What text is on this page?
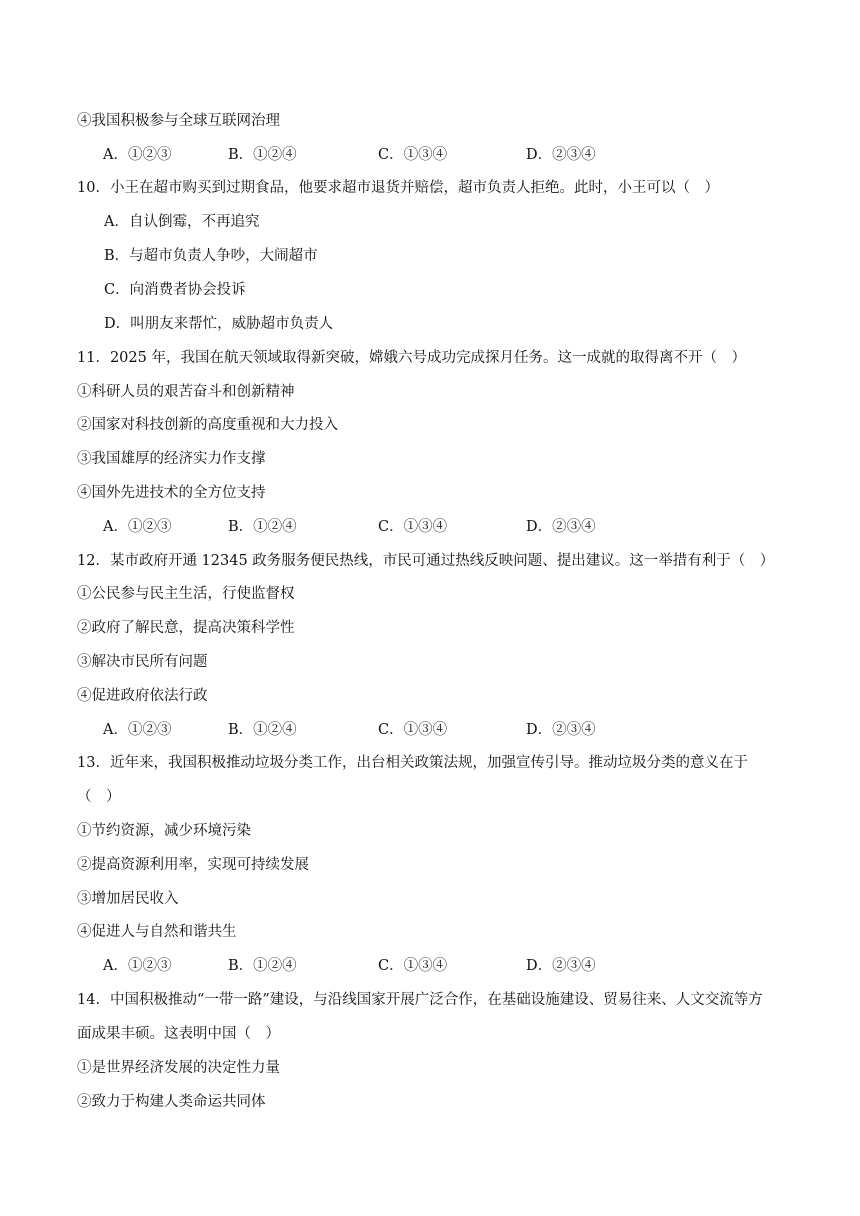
④我国积极参与全球互联网治理
A．①②③	B．①②④	C．①③④	D．②③④
10．小王在超市购买到过期食品，他要求超市退货并赔偿，超市负责人拒绝。此时，小王可以（　）
A．自认倒霉，不再追究
B．与超市负责人争吵，大闹超市
C．向消费者协会投诉
D．叫朋友来帮忙，威胁超市负责人
11．2025 年，我国在航天领域取得新突破，嫦娥六号成功完成探月任务。这一成就的取得离不开（　）
①科研人员的艰苦奋斗和创新精神
②国家对科技创新的高度重视和大力投入
③我国雄厚的经济实力作支撑
④国外先进技术的全方位支持
A．①②③	B．①②④	C．①③④	D．②③④
12．某市政府开通 12345 政务服务便民热线，市民可通过热线反映问题、提出建议。这一举措有利于（　）
①公民参与民主生活，行使监督权
②政府了解民意，提高决策科学性
③解决市民所有问题
④促进政府依法行政
A．①②③	B．①②④	C．①③④	D．②③④
13．近年来，我国积极推动垃圾分类工作，出台相关政策法规，加强宣传引导。推动垃圾分类的意义在于
（　）
①节约资源，减少环境污染
②提高资源利用率，实现可持续发展
③增加居民收入
④促进人与自然和谐共生
A．①②③	B．①②④	C．①③④	D．②③④
14．中国积极推动“一带一路”建设，与沿线国家开展广泛合作，在基础设施建设、贸易往来、人文交流等方
面成果丰硕。这表明中国（　）
①是世界经济发展的决定性力量
②致力于构建人类命运共同体
